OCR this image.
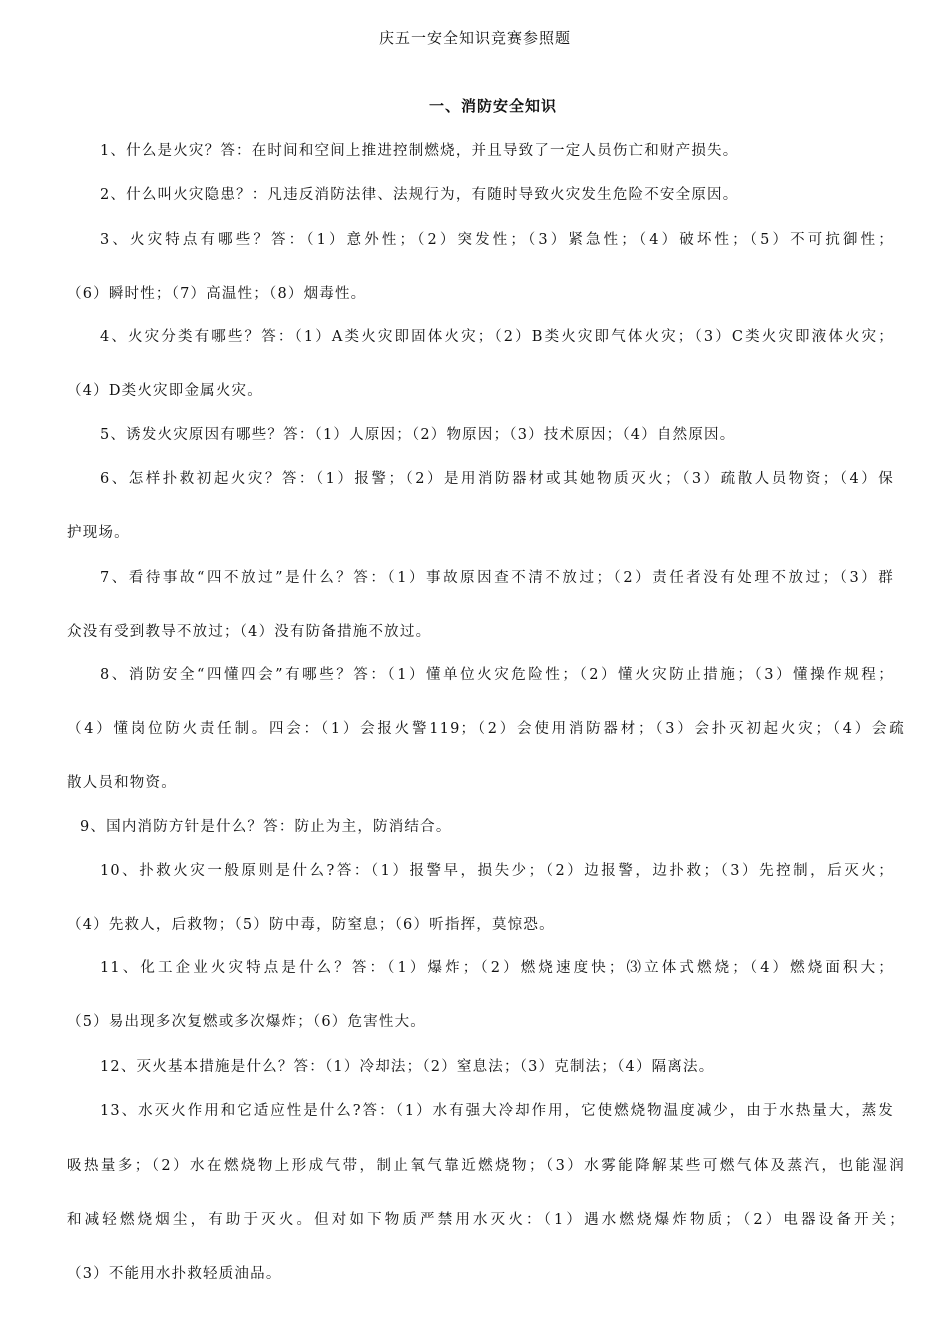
庆五一安全知识竞赛参照题
一、消防安全知识
1、什么是火灾？答：在时间和空间上推进控制燃烧，并且导致了一定人员伤亡和财产损失。
2、什么叫火灾隐患？：凡违反消防法律、法规行为，有随时导致火灾发生危险不安全原因。
3、火灾特点有哪些？答：（1）意外性；（2）突发性；（3）紧急性；（4）破坏性；（5）不可抗御性；
（6）瞬时性；（7）高温性；（8）烟毒性。
4、火灾分类有哪些？答：（1）A类火灾即固体火灾；（2）B类火灾即气体火灾；（3）C类火灾即液体火灾；
（4）D类火灾即金属火灾。
5、诱发火灾原因有哪些？答：（1）人原因；（2）物原因；（3）技术原因；（4）自然原因。
6、怎样扑救初起火灾？答：（1）报警；（2）是用消防器材或其她物质灭火；（3）疏散人员物资；（4）保
护现场。
7、看待事故“四不放过”是什么？答：（1）事故原因查不清不放过；（2）责任者没有处理不放过；（3）群
众没有受到教导不放过；（4）没有防备措施不放过。
8、消防安全“四懂四会”有哪些？答：（1）懂单位火灾危险性；（2）懂火灾防止措施；（3）懂操作规程；
（4）懂岗位防火责任制。四会：（1）会报火警119；（2）会使用消防器材；（3）会扑灭初起火灾；（4）会疏
散人员和物资。
9、国内消防方针是什么？答：防止为主，防消结合。
10、扑救火灾一般原则是什么?答：（1）报警早，损失少；（2）边报警，边扑救；（3）先控制，后灭火；
（4）先救人，后救物；（5）防中毒，防窒息；（6）听指挥，莫惊恐。
11、化工企业火灾特点是什么？答：（1）爆炸；（2）燃烧速度快；⑶立体式燃烧；（4）燃烧面积大；
（5）易出现多次复燃或多次爆炸；（6）危害性大。
12、灭火基本措施是什么？答：（1）冷却法；（2）窒息法；（3）克制法；（4）隔离法。
13、水灭火作用和它适应性是什么?答：（1）水有强大冷却作用，它使燃烧物温度减少，由于水热量大，蒸发
吸热量多；（2）水在燃烧物上形成气带，制止氧气靠近燃烧物；（3）水雾能降解某些可燃气体及蒸汽，也能湿润
和减轻燃烧烟尘，有助于灭火。但对如下物质严禁用水灭火：（1）遇水燃烧爆炸物质；（2）电器设备开关；
（3）不能用水扑救轻质油品。
